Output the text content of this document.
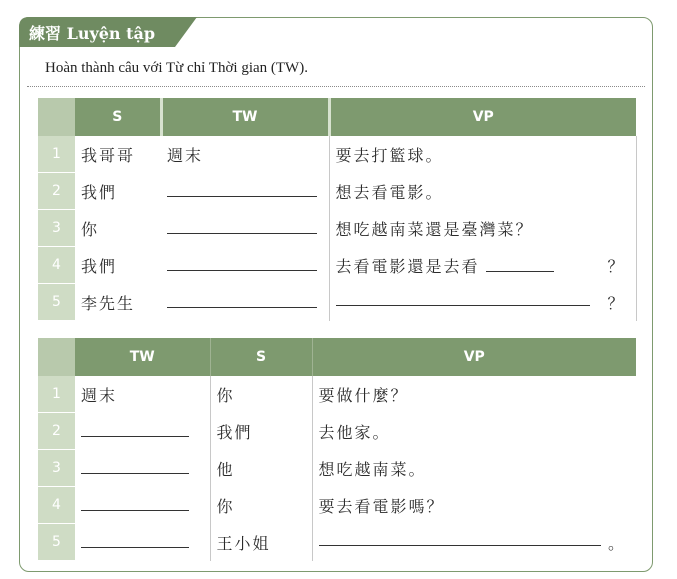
練習 Luyện tập
Hoàn thành câu với Từ chỉ Thời gian (TW).
	S	TW	VP
1	我哥哥	週末	要去打籃球。
2	我們		想去看電影。
3	你		想吃越南菜還是臺灣菜？
4	我們		去看電影還是去看 ？

5	李先生		？
	TW	S	VP
1	週末	你	要做什麼？
2		我們	去他家。
3		他	想吃越南菜。
4		你	要去看電影嗎？
5		王小姐	。
